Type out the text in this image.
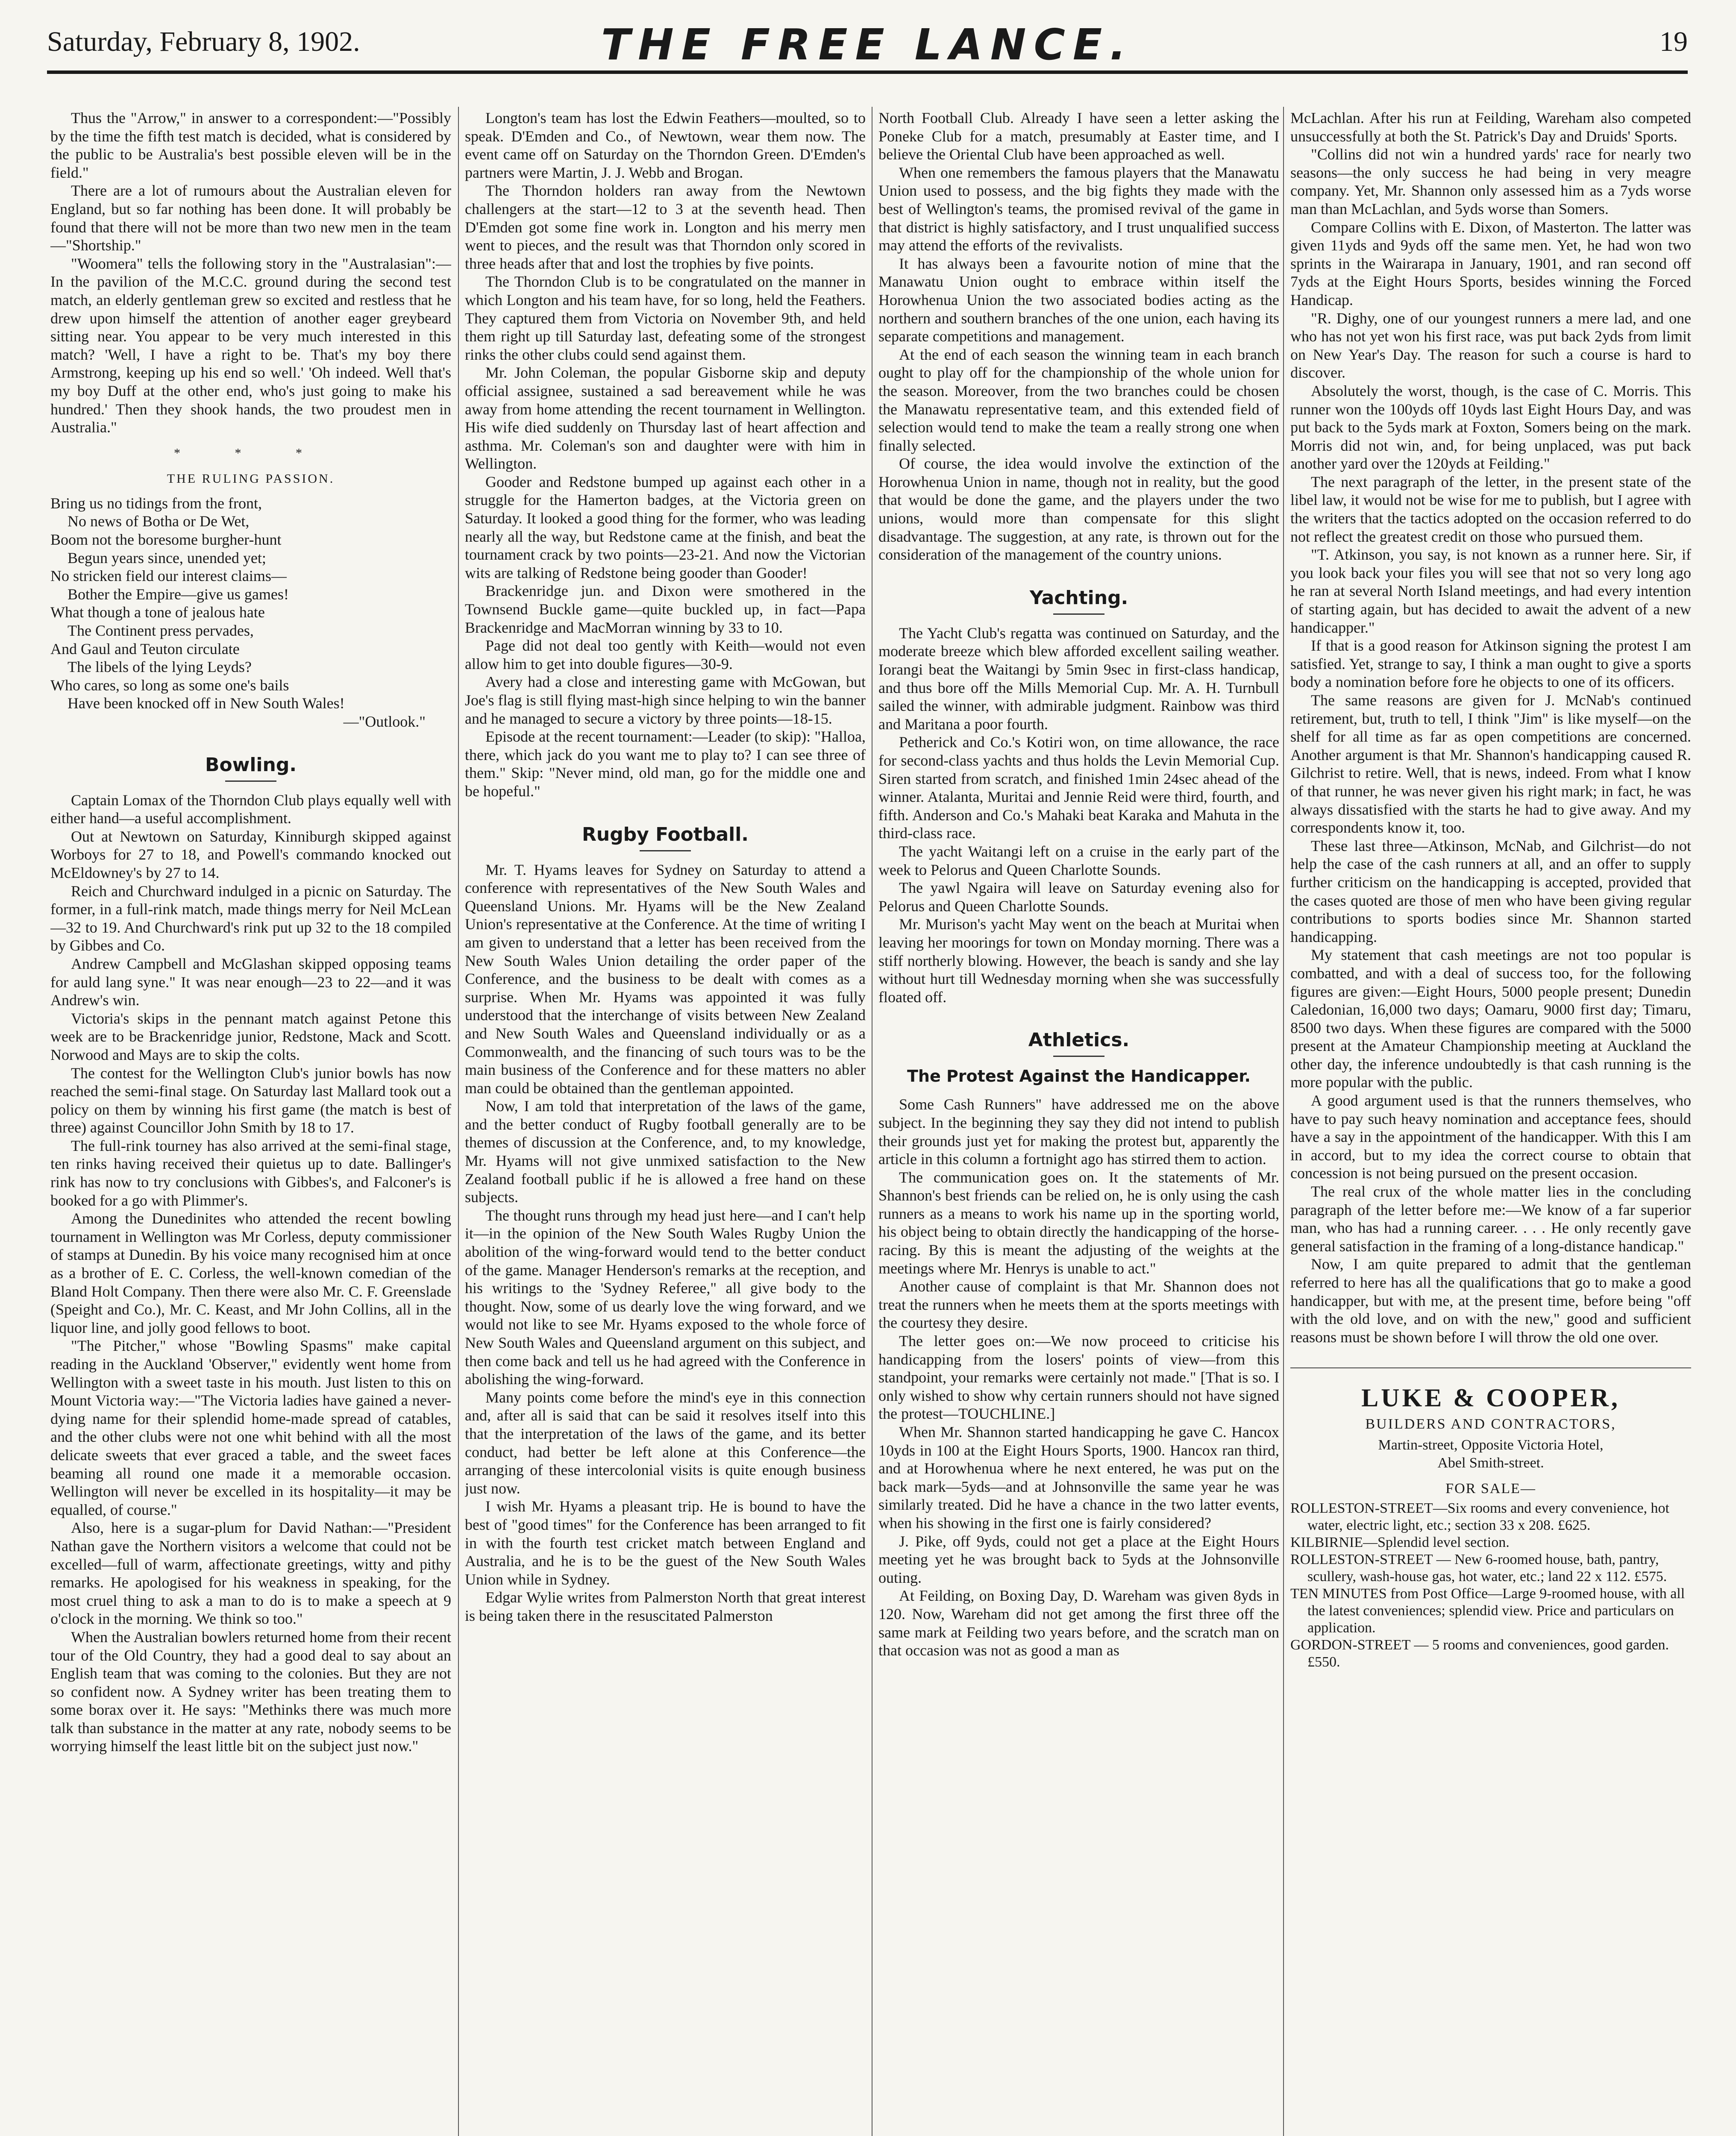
Saturday, February 8, 1902.	THE FREE LANCE.	19

Thus the "Arrow," in answer to a correspondent:—"Possibly by the time the fifth test match is decided, what is considered by the public to be Australia's best possible eleven will be in the field."

There are a lot of rumours about the Australian eleven for England, but so far nothing has been done. It will probably be found that there will not be more than two new men in the team—"Shortship."

"Woomera" tells the following story in the "Australasian":—In the pavilion of the M.C.C. ground during the second test match, an elderly gentleman grew so excited and restless that he drew upon himself the attention of another eager greybeard sitting near. You appear to be very much interested in this match? 'Well, I have a right to be. That's my boy there Armstrong, keeping up his end so well.' 'Oh indeed. Well that's my boy Duff at the other end, who's just going to make his hundred.' Then they shook hands, the two proudest men in Australia."

* * *
THE RULING PASSION.
Bring us no tidings from the front,
No news of Botha or De Wet,
Boom not the boresome burgher-hunt
Begun years since, unended yet;
No stricken field our interest claims—
Bother the Empire—give us games!
What though a tone of jealous hate
The Continent press pervades,
And Gaul and Teuton circulate
The libels of the lying Leyds?
Who cares, so long as some one's bails
Have been knocked off in New South Wales!
—"Outlook."
Bowling.

Captain Lomax of the Thorndon Club plays equally well with either hand—a useful accomplishment.

Out at Newtown on Saturday, Kinniburgh skipped against Worboys for 27 to 18, and Powell's commando knocked out McEldowney's by 27 to 14.

Reich and Churchward indulged in a picnic on Saturday. The former, in a full-rink match, made things merry for Neil McLean—32 to 19. And Churchward's rink put up 32 to the 18 compiled by Gibbes and Co.

Andrew Campbell and McGlashan skipped opposing teams for auld lang syne." It was near enough—23 to 22—and it was Andrew's win.

Victoria's skips in the pennant match against Petone this week are to be Brackenridge junior, Redstone, Mack and Scott. Norwood and Mays are to skip the colts.

The contest for the Wellington Club's junior bowls has now reached the semi-final stage. On Saturday last Mallard took out a policy on them by winning his first game (the match is best of three) against Councillor John Smith by 18 to 17.

The full-rink tourney has also arrived at the semi-final stage, ten rinks having received their quietus up to date. Ballinger's rink has now to try conclusions with Gibbes's, and Falconer's is booked for a go with Plimmer's.

Among the Dunedinites who attended the recent bowling tournament in Wellington was Mr Corless, deputy commissioner of stamps at Dunedin. By his voice many recognised him at once as a brother of E. C. Corless, the well-known comedian of the Bland Holt Company. Then there were also Mr. C. F. Greenslade (Speight and Co.), Mr. C. Keast, and Mr John Collins, all in the liquor line, and jolly good fellows to boot.

"The Pitcher," whose "Bowling Spasms" make capital reading in the Auckland 'Observer," evidently went home from Wellington with a sweet taste in his mouth. Just listen to this on Mount Victoria way:—"The Victoria ladies have gained a never-dying name for their splendid home-made spread of catables, and the other clubs were not one whit behind with all the most delicate sweets that ever graced a table, and the sweet faces beaming all round one made it a memorable occasion. Wellington will never be excelled in its hospitality—it may be equalled, of course."

Also, here is a sugar-plum for David Nathan:—"President Nathan gave the Northern visitors a welcome that could not be excelled—full of warm, affectionate greetings, witty and pithy remarks. He apologised for his weakness in speaking, for the most cruel thing to ask a man to do is to make a speech at 9 o'clock in the morning. We think so too."

When the Australian bowlers returned home from their recent tour of the Old Country, they had a good deal to say about an English team that was coming to the colonies. But they are not so confident now. A Sydney writer has been treating them to some borax over it. He says: "Methinks there was much more talk than substance in the matter at any rate, nobody seems to be worrying himself the least little bit on the subject just now."

Longton's team has lost the Edwin Feathers—moulted, so to speak. D'Emden and Co., of Newtown, wear them now. The event came off on Saturday on the Thorndon Green. D'Emden's partners were Martin, J. J. Webb and Brogan.

The Thorndon holders ran away from the Newtown challengers at the start—12 to 3 at the seventh head. Then D'Emden got some fine work in. Longton and his merry men went to pieces, and the result was that Thorndon only scored in three heads after that and lost the trophies by five points.

The Thorndon Club is to be congratulated on the manner in which Longton and his team have, for so long, held the Feathers. They captured them from Victoria on November 9th, and held them right up till Saturday last, defeating some of the strongest rinks the other clubs could send against them.

Mr. John Coleman, the popular Gisborne skip and deputy official assignee, sustained a sad bereavement while he was away from home attending the recent tournament in Wellington. His wife died suddenly on Thursday last of heart affection and asthma. Mr. Coleman's son and daughter were with him in Wellington.

Gooder and Redstone bumped up against each other in a struggle for the Hamerton badges, at the Victoria green on Saturday. It looked a good thing for the former, who was leading nearly all the way, but Redstone came at the finish, and beat the tournament crack by two points—23-21. And now the Victorian wits are talking of Redstone being gooder than Gooder!

Brackenridge jun. and Dixon were smothered in the Townsend Buckle game—quite buckled up, in fact—Papa Brackenridge and MacMorran winning by 33 to 10.

Page did not deal too gently with Keith—would not even allow him to get into double figures—30-9.

Avery had a close and interesting game with McGowan, but Joe's flag is still flying mast-high since helping to win the banner and he managed to secure a victory by three points—18-15.

Episode at the recent tournament:—Leader (to skip): "Halloa, there, which jack do you want me to play to? I can see three of them." Skip: "Never mind, old man, go for the middle one and be hopeful."

Rugby Football.

Mr. T. Hyams leaves for Sydney on Saturday to attend a conference with representatives of the New South Wales and Queensland Unions. Mr. Hyams will be the New Zealand Union's representative at the Conference. At the time of writing I am given to understand that a letter has been received from the New South Wales Union detailing the order paper of the Conference, and the business to be dealt with comes as a surprise. When Mr. Hyams was appointed it was fully understood that the interchange of visits between New Zealand and New South Wales and Queensland individually or as a Commonwealth, and the financing of such tours was to be the main business of the Conference and for these matters no abler man could be obtained than the gentleman appointed.

Now, I am told that interpretation of the laws of the game, and the better conduct of Rugby football generally are to be themes of discussion at the Conference, and, to my knowledge, Mr. Hyams will not give unmixed satisfaction to the New Zealand football public if he is allowed a free hand on these subjects.

The thought runs through my head just here—and I can't help it—in the opinion of the New South Wales Rugby Union the abolition of the wing-forward would tend to the better conduct of the game. Manager Henderson's remarks at the reception, and his writings to the 'Sydney Referee," all give body to the thought. Now, some of us dearly love the wing forward, and we would not like to see Mr. Hyams exposed to the whole force of New South Wales and Queensland argument on this subject, and then come back and tell us he had agreed with the Conference in abolishing the wing-forward.

Many points come before the mind's eye in this connection and, after all is said that can be said it resolves itself into this that the interpretation of the laws of the game, and its better conduct, had better be left alone at this Conference—the arranging of these intercolonial visits is quite enough business just now.

I wish Mr. Hyams a pleasant trip. He is bound to have the best of "good times" for the Conference has been arranged to fit in with the fourth test cricket match between England and Australia, and he is to be the guest of the New South Wales Union while in Sydney.

Edgar Wylie writes from Palmerston North that great interest is being taken there in the resuscitated Palmerston

North Football Club. Already I have seen a letter asking the Poneke Club for a match, presumably at Easter time, and I believe the Oriental Club have been approached as well.

When one remembers the famous players that the Manawatu Union used to possess, and the big fights they made with the best of Wellington's teams, the promised revival of the game in that district is highly satisfactory, and I trust unqualified success may attend the efforts of the revivalists.

It has always been a favourite notion of mine that the Manawatu Union ought to embrace within itself the Horowhenua Union the two associated bodies acting as the northern and southern branches of the one union, each having its separate competitions and management.

At the end of each season the winning team in each branch ought to play off for the championship of the whole union for the season. Moreover, from the two branches could be chosen the Manawatu representative team, and this extended field of selection would tend to make the team a really strong one when finally selected.

Of course, the idea would involve the extinction of the Horowhenua Union in name, though not in reality, but the good that would be done the game, and the players under the two unions, would more than compensate for this slight disadvantage. The suggestion, at any rate, is thrown out for the consideration of the management of the country unions.

Yachting.

The Yacht Club's regatta was continued on Saturday, and the moderate breeze which blew afforded excellent sailing weather. Iorangi beat the Waitangi by 5min 9sec in first-class handicap, and thus bore off the Mills Memorial Cup. Mr. A. H. Turnbull sailed the winner, with admirable judgment. Rainbow was third and Maritana a poor fourth.

Petherick and Co.'s Kotiri won, on time allowance, the race for second-class yachts and thus holds the Levin Memorial Cup. Siren started from scratch, and finished 1min 24sec ahead of the winner. Atalanta, Muritai and Jennie Reid were third, fourth, and fifth. Anderson and Co.'s Mahaki beat Karaka and Mahuta in the third-class race.

The yacht Waitangi left on a cruise in the early part of the week to Pelorus and Queen Charlotte Sounds.

The yawl Ngaira will leave on Saturday evening also for Pelorus and Queen Charlotte Sounds.

Mr. Murison's yacht May went on the beach at Muritai when leaving her moorings for town on Monday morning. There was a stiff northerly blowing. However, the beach is sandy and she lay without hurt till Wednesday morning when she was successfully floated off.

Athletics.
The Protest Against the Handicapper.

Some Cash Runners" have addressed me on the above subject. In the beginning they say they did not intend to publish their grounds just yet for making the protest but, apparently the article in this column a fortnight ago has stirred them to action.

The communication goes on. It the statements of Mr. Shannon's best friends can be relied on, he is only using the cash runners as a means to work his name up in the sporting world, his object being to obtain directly the handicapping of the horse-racing. By this is meant the adjusting of the weights at the meetings where Mr. Henrys is unable to act."

Another cause of complaint is that Mr. Shannon does not treat the runners when he meets them at the sports meetings with the courtesy they desire.

The letter goes on:—We now proceed to criticise his handicapping from the losers' points of view—from this standpoint, your remarks were certainly not made." [That is so. I only wished to show why certain runners should not have signed the protest—TOUCHLINE.]

When Mr. Shannon started handicapping he gave C. Hancox 10yds in 100 at the Eight Hours Sports, 1900. Hancox ran third, and at Horowhenua where he next entered, he was put on the back mark—5yds—and at Johnsonville the same year he was similarly treated. Did he have a chance in the two latter events, when his showing in the first one is fairly considered?

J. Pike, off 9yds, could not get a place at the Eight Hours meeting yet he was brought back to 5yds at the Johnsonville outing.

At Feilding, on Boxing Day, D. Wareham was given 8yds in 120. Now, Wareham did not get among the first three off the same mark at Feilding two years before, and the scratch man on that occasion was not as good a man as

McLachlan. After his run at Feilding, Wareham also competed unsuccessfully at both the St. Patrick's Day and Druids' Sports.

"Collins did not win a hundred yards' race for nearly two seasons—the only success he had being in very meagre company. Yet, Mr. Shannon only assessed him as a 7yds worse man than McLachlan, and 5yds worse than Somers.

Compare Collins with E. Dixon, of Masterton. The latter was given 11yds and 9yds off the same men. Yet, he had won two sprints in the Wairarapa in January, 1901, and ran second off 7yds at the Eight Hours Sports, besides winning the Forced Handicap.

"R. Dighy, one of our youngest runners a mere lad, and one who has not yet won his first race, was put back 2yds from limit on New Year's Day. The reason for such a course is hard to discover.

Absolutely the worst, though, is the case of C. Morris. This runner won the 100yds off 10yds last Eight Hours Day, and was put back to the 5yds mark at Foxton, Somers being on the mark. Morris did not win, and, for being unplaced, was put back another yard over the 120yds at Feilding."

The next paragraph of the letter, in the present state of the libel law, it would not be wise for me to publish, but I agree with the writers that the tactics adopted on the occasion referred to do not reflect the greatest credit on those who pursued them.

"T. Atkinson, you say, is not known as a runner here. Sir, if you look back your files you will see that not so very long ago he ran at several North Island meetings, and had every intention of starting again, but has decided to await the advent of a new handicapper."

If that is a good reason for Atkinson signing the protest I am satisfied. Yet, strange to say, I think a man ought to give a sports body a nomination before fore he objects to one of its officers.

The same reasons are given for J. McNab's continued retirement, but, truth to tell, I think "Jim" is like myself—on the shelf for all time as far as open competitions are concerned. Another argument is that Mr. Shannon's handicapping caused R. Gilchrist to retire. Well, that is news, indeed. From what I know of that runner, he was never given his right mark; in fact, he was always dissatisfied with the starts he had to give away. And my correspondents know it, too.

These last three—Atkinson, McNab, and Gilchrist—do not help the case of the cash runners at all, and an offer to supply further criticism on the handicapping is accepted, provided that the cases quoted are those of men who have been giving regular contributions to sports bodies since Mr. Shannon started handicapping.

My statement that cash meetings are not too popular is combatted, and with a deal of success too, for the following figures are given:—Eight Hours, 5000 people present; Dunedin Caledonian, 16,000 two days; Oamaru, 9000 first day; Timaru, 8500 two days. When these figures are compared with the 5000 present at the Amateur Championship meeting at Auckland the other day, the inference undoubtedly is that cash running is the more popular with the public.

A good argument used is that the runners themselves, who have to pay such heavy nomination and acceptance fees, should have a say in the appointment of the handicapper. With this I am in accord, but to my idea the correct course to obtain that concession is not being pursued on the present occasion.

The real crux of the whole matter lies in the concluding paragraph of the letter before me:—We know of a far superior man, who has had a running career. . . . He only recently gave general satisfaction in the framing of a long-distance handicap."

Now, I am quite prepared to admit that the gentleman referred to here has all the qualifications that go to make a good handicapper, but with me, at the present time, before being "off with the old love, and on with the new," good and sufficient reasons must be shown before I will throw the old one over.

LUKE & COOPER,
BUILDERS AND CONTRACTORS,
Martin-street, Opposite Victoria Hotel,
Abel Smith-street.
FOR SALE—
ROLLESTON-STREET—Six rooms and every convenience, hot water, electric light, etc.; section 33 x 208. £625.
KILBIRNIE—Splendid level section.
ROLLESTON-STREET — New 6-roomed house, bath, pantry, scullery, wash-house gas, hot water, etc.; land 22 x 112. £575.
TEN MINUTES from Post Office—Large 9-roomed house, with all the latest conveniences; splendid view. Price and particulars on application.
GORDON-STREET — 5 rooms and conveniences, good garden. £550.
